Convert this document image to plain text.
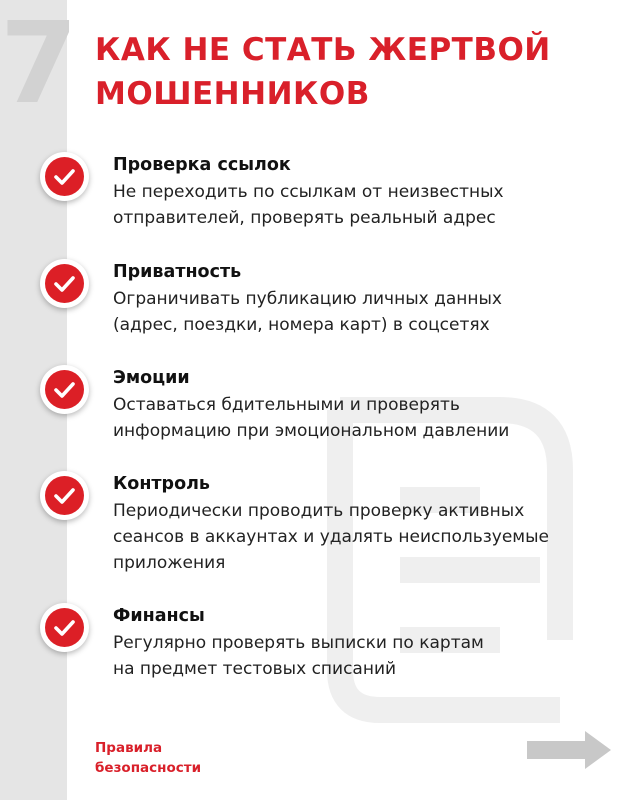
7 КАК НЕ СТАТЬ ЖЕРТВОЙ
МОШЕННИКОВ
Проверка ссылок
Не переходить по ссылкам от неизвестных
отправителей, проверять реальный адрес
Приватность
Ограничивать публикацию личных данных
(адрес, поездки, номера карт) в соцсетях
Эмоции
Оставаться бдительными и проверять
информацию при эмоциональном давлении
Контроль
Периодически проводить проверку активных
сеансов в аккаунтах и удалять неиспользуемые
приложения
Финансы
Регулярно проверять выписки по картам
на предмет тестовых списаний
Правила
безопасности
